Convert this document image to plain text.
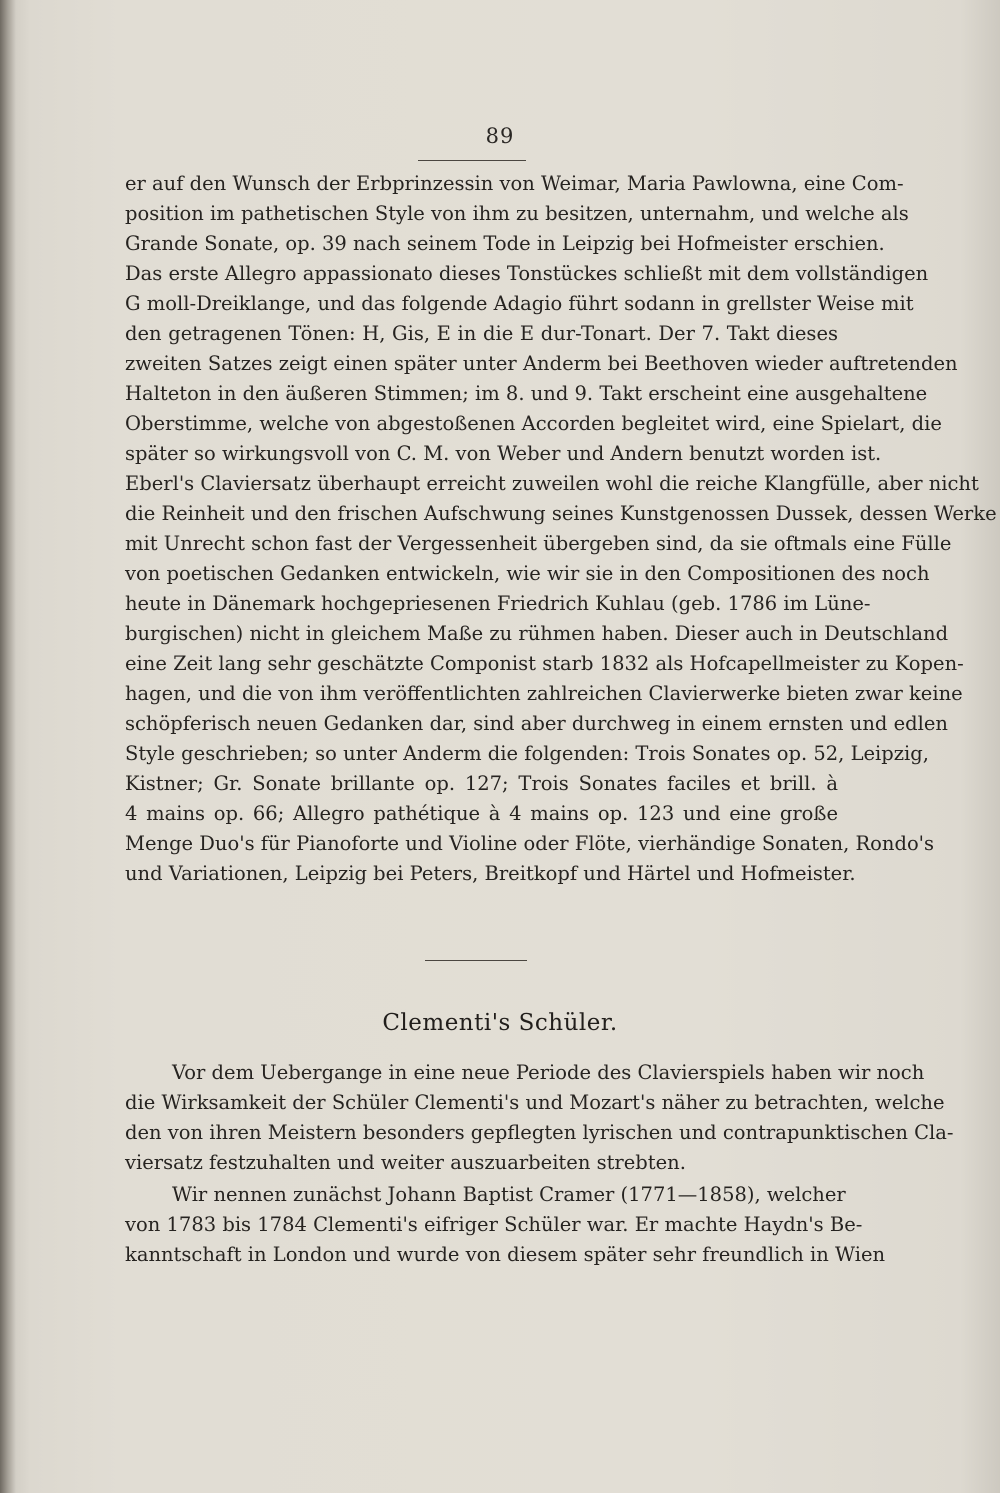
89
er auf den Wunsch der Erbprinzessin von Weimar, Maria Pawlowna, eine Com-
position im pathetischen Style von ihm zu besitzen, unternahm, und welche als
Grande Sonate, op. 39 nach seinem Tode in Leipzig bei Hofmeister erschien.
Das erste Allegro appassionato dieses Tonstückes schließt mit dem vollständigen
G moll-Dreiklange, und das folgende Adagio führt sodann in grellster Weise mit
den getragenen Tönen: H, Gis, E in die E dur-Tonart. Der 7. Takt dieses
zweiten Satzes zeigt einen später unter Anderm bei Beethoven wieder auftretenden
Halteton in den äußeren Stimmen; im 8. und 9. Takt erscheint eine ausgehaltene
Oberstimme, welche von abgestoßenen Accorden begleitet wird, eine Spielart, die
später so wirkungsvoll von C. M. von Weber und Andern benutzt worden ist.
Eberl's Claviersatz überhaupt erreicht zuweilen wohl die reiche Klangfülle, aber nicht
die Reinheit und den frischen Aufschwung seines Kunstgenossen Dussek, dessen Werke
mit Unrecht schon fast der Vergessenheit übergeben sind, da sie oftmals eine Fülle
von poetischen Gedanken entwickeln, wie wir sie in den Compositionen des noch
heute in Dänemark hochgepriesenen Friedrich Kuhlau (geb. 1786 im Lüne-
burgischen) nicht in gleichem Maße zu rühmen haben. Dieser auch in Deutschland
eine Zeit lang sehr geschätzte Componist starb 1832 als Hofcapellmeister zu Kopen-
hagen, und die von ihm veröffentlichten zahlreichen Clavierwerke bieten zwar keine
schöpferisch neuen Gedanken dar, sind aber durchweg in einem ernsten und edlen
Style geschrieben; so unter Anderm die folgenden: Trois Sonates op. 52, Leipzig,
Kistner; Gr. Sonate brillante op. 127; Trois Sonates faciles et brill. à
4 mains op. 66; Allegro pathétique à 4 mains op. 123 und eine große
Menge Duo's für Pianoforte und Violine oder Flöte, vierhändige Sonaten, Rondo's
und Variationen, Leipzig bei Peters, Breitkopf und Härtel und Hofmeister.
Clementi's Schüler.
Vor dem Uebergange in eine neue Periode des Clavierspiels haben wir noch
die Wirksamkeit der Schüler Clementi's und Mozart's näher zu betrachten, welche
den von ihren Meistern besonders gepflegten lyrischen und contrapunktischen Cla-
viersatz festzuhalten und weiter auszuarbeiten strebten.
Wir nennen zunächst Johann Baptist Cramer (1771—1858), welcher
von 1783 bis 1784 Clementi's eifriger Schüler war. Er machte Haydn's Be-
kanntschaft in London und wurde von diesem später sehr freundlich in Wien
